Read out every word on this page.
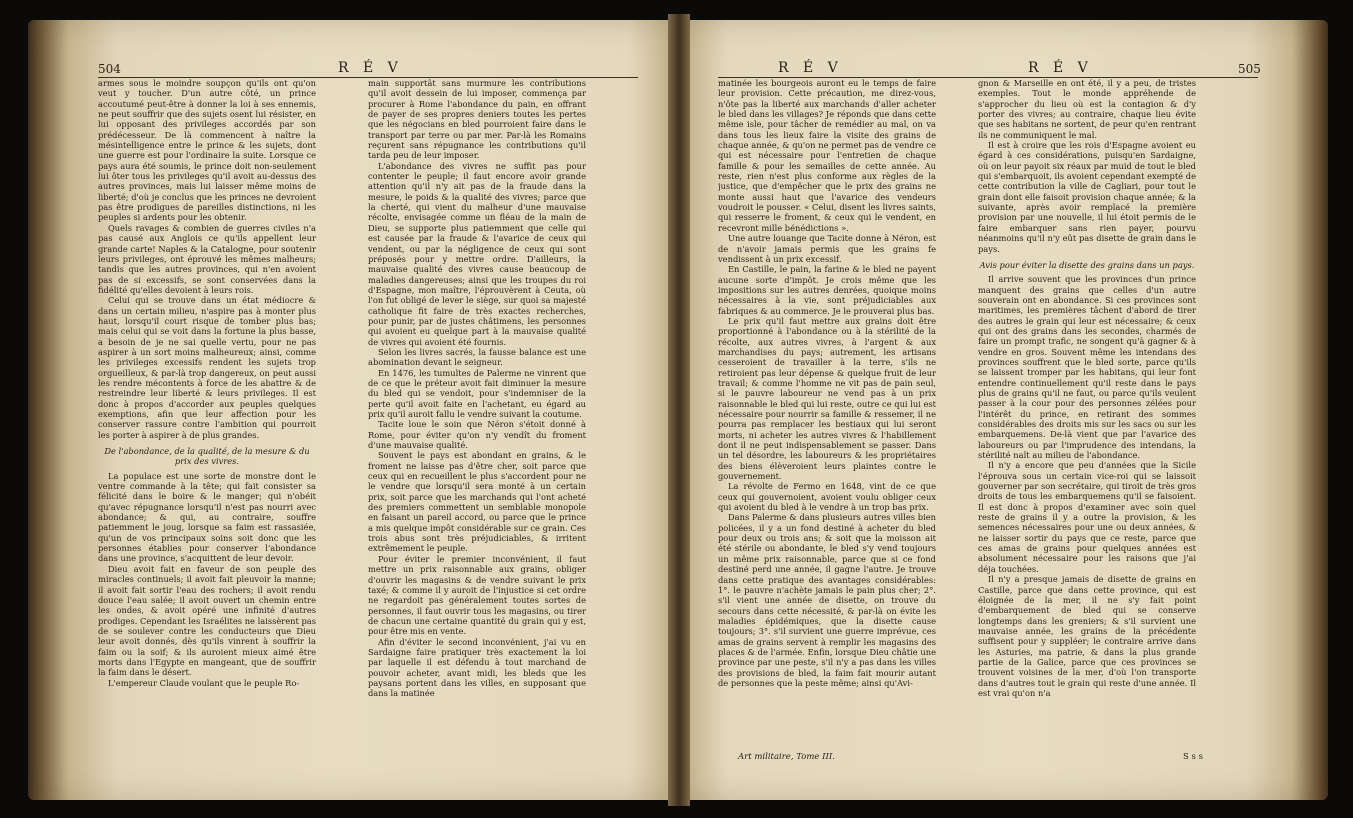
504	R É V

armes sous le moindre soupçon qu'ils ont qu'on veut y toucher. D'un autre côté, un prince accoutumé peut-être à donner la loi à ses ennemis, ne peut souffrir que des sujets osent lui résister, en lui opposant des privileges accordés par son prédécesseur. De là commencent à naître la mésintelligence entre le prince & les sujets, dont une guerre est pour l'ordinaire la suite. Lorsque ce pays aura été soumis, le prince doit non-seulement lui ôter tous les privileges qu'il avoit au-dessus des autres provinces, mais lui laisser même moins de liberté; d'où je conclus que les princes ne devroient pas être prodigues de pareilles distinctions, ni les peuples si ardents pour les obtenir.

Quels ravages & combien de guerres civiles n'a pas causé aux Anglois ce qu'ils appellent leur grande carte! Naples & la Catalogne, pour soutenir leurs privileges, ont éprouvé les mêmes malheurs; tandis que les autres provinces, qui n'en avoient pas de si excessifs, se sont conservées dans la fidélité qu'elles devoient à leurs rois.

Celui qui se trouve dans un état médiocre & dans un certain milieu, n'aspire pas à monter plus haut, lorsqu'il court risque de tomber plus bas; mais celui qui se voit dans la fortune la plus basse, a besoin de je ne sai quelle vertu, pour ne pas aspirer à un sort moins malheureux; ainsi, comme les privileges excessifs rendent les sujets trop orgueilleux, & par-là trop dangereux, on peut aussi les rendre mécontents à force de les abattre & de restreindre leur liberté & leurs privileges. Il est donc à propos d'accorder aux peuples quelques exemptions, afin que leur affection pour les conserver rassure contre l'ambition qui pourroit les porter à aspirer à de plus grandes.

De l'abondance, de la qualité, de la mesure & du prix des vivres.

La populace est une sorte de monstre dont le ventre commande à la tête; qui fait consister sa félicité dans le boire & le manger; qui n'obéit qu'avec répugnance lorsqu'il n'est pas nourri avec abondance; & qui, au contraire, souffre patiemment le joug, lorsque sa faim est rassasiée, qu'un de vos principaux soins soit donc que les personnes établies pour conserver l'abondance dans une province, s'acquittent de leur devoir.

Dieu avoit fait en faveur de son peuple des miracles continuels; il avoit fait pleuvoir la manne; il avoit fait sortir l'eau des rochers; il avoit rendu douce l'eau salée; il avoit ouvert un chemin entre les ondes, & avoit opéré une infinité d'autres prodiges. Cependant les Israélites ne laissèrent pas de se soulever contre les conducteurs que Dieu leur avoit donnés, dès qu'ils vinrent à souffrir la faim ou la soif; & ils auroient mieux aimé être morts dans l'Egypte en mangeant, que de souffrir la faim dans le désert.

L'empereur Claude voulant que le peuple Ro-

main supportât sans murmure les contributions qu'il avoit dessein de lui imposer, commença par procurer à Rome l'abondance du pain, en offrant de payer de ses propres deniers toutes les pertes que les négocians en bled pourroient faire dans le transport par terre ou par mer. Par-là les Romains reçurent sans répugnance les contributions qu'il tarda peu de leur imposer.

L'abondance des vivres ne suffit pas pour contenter le peuple; il faut encore avoir grande attention qu'il n'y ait pas de la fraude dans la mesure, le poids & la qualité des vivres; parce que la cherté, qui vient du malheur d'une mauvaise récolte, envisagée comme un fléau de la main de Dieu, se supporte plus patiemment que celle qui est causée par la fraude & l'avarice de ceux qui vendent, ou par la négligence de ceux qui sont préposés pour y mettre ordre. D'ailleurs, la mauvaise qualité des vivres cause beaucoup de maladies dangereuses; ainsi que les troupes du roi d'Espagne, mon maître, l'éprouvèrent à Ceuta, où l'on fut obligé de lever le siège, sur quoi sa majesté catholique fit faire de très exactes recherches, pour punir, par de justes châtimens, les personnes qui avoient eu quelque part à la mauvaise qualité de vivres qui avoient été fournis.

Selon les livres sacrés, la fausse balance est une abomination devant le seigneur.

En 1476, les tumultes de Palerme ne vinrent que de ce que le préteur avoit fait diminuer la mesure du bled qui se vendoit, pour s'indemniser de la perte qu'il avoit faite en l'achetant, eu égard au prix qu'il auroit fallu le vendre suivant la coutume.

Tacite loue le soin que Néron s'étoit donné à Rome, pour éviter qu'on n'y vendît du froment d'une mauvaise qualité.

Souvent le pays est abondant en grains, & le froment ne laisse pas d'être cher, soit parce que ceux qui en recueillent le plus s'accordent pour ne le vendre que lorsqu'il sera monté à un certain prix, soit parce que les marchands qui l'ont acheté des premiers commettent un semblable monopole en faisant un pareil accord, ou parce que le prince a mis quelque impôt considérable sur ce grain. Ces trois abus sont très préjudiciables, & irritent extrêmement le peuple.

Pour éviter le premier inconvénient, il faut mettre un prix raisonnable aux grains, obliger d'ouvrir les magasins & de vendre suivant le prix taxé; & comme il y auroit de l'injustice si cet ordre ne regardoit pas généralement toutes sortes de personnes, il faut ouvrir tous les magasins, ou tirer de chacun une certaine quantité du grain qui y est, pour être mis en vente.

Afin d'éviter le second inconvénient, j'ai vu en Sardaigne faire pratiquer très exactement la loi par laquelle il est défendu à tout marchand de pouvoir acheter, avant midi, les bleds que les paysans portent dans les villes, en supposant que dans la matinée

R É V	R É V	505

matinée les bourgeois auront eu le temps de faire leur provision. Cette précaution, me direz-vous, n'ôte pas la liberté aux marchands d'aller acheter le bled dans les villages? Je réponds que dans cette même isle, pour tâcher de remédier au mal, on va dans tous les lieux faire la visite des grains de chaque année, & qu'on ne permet pas de vendre ce qui est nécessaire pour l'entretien de chaque famille & pour les semailles de cette année. Au reste, rien n'est plus conforme aux règles de la justice, que d'empêcher que le prix des grains ne monte aussi haut que l'avarice des vendeurs voudroit le pousser. « Celui, disent les livres saints, qui resserre le froment, & ceux qui le vendent, en recevront mille bénédictions ».

Une autre louange que Tacite donne à Néron, est de n'avoir jamais permis que les grains fe vendissent à un prix excessif.

En Castille, le pain, la farine & le bled ne payent aucune sorte d'impôt. Je crois même que les impositions sur les autres denrées, quoique moins nécessaires à la vie, sont préjudiciables aux fabriques & au commerce. Je le prouverai plus bas.

Le prix qu'il faut mettre aux grains doit être proportionné à l'abondance ou à la stérilité de la récolte, aux autres vivres, à l'argent & aux marchandises du pays; autrement, les artisans cesseroient de travailler à la terre, s'ils ne retiroient pas leur dépense & quelque fruit de leur travail; & comme l'homme ne vit pas de pain seul, si le pauvre laboureur ne vend pas à un prix raisonnable le bled qui lui reste, outre ce qui lui est nécessaire pour nourrir sa famille & ressemer, il ne pourra pas remplacer les bestiaux qui lui seront morts, ni acheter les autres vivres & l'habillement dont il ne peut indispensablement se passer. Dans un tel désordre, les laboureurs & les propriétaires des biens élèveroient leurs plaintes contre le gouvernement.

La révolte de Fermo en 1648, vint de ce que ceux qui gouvernoient, avoient voulu obliger ceux qui avoient du bled à le vendre à un trop bas prix.

Dans Palerme & dans plusieurs autres villes bien policées, il y a un fond destiné à acheter du bled pour deux ou trois ans; & soit que la moisson ait été stérile ou abondante, le bled s'y vend toujours un même prix raisonnable, parce que si ce fond destiné perd une année, il gagne l'autre. Je trouve dans cette pratique des avantages considérables: 1°. le pauvre n'achète jamais le pain plus cher; 2°. s'il vient une année de disette, on trouve du secours dans cette nécessité, & par-là on évite les maladies épidémiques, que la disette cause toujours; 3°. s'il survient une guerre imprévue, ces amas de grains servent à remplir les magasins des places & de l'armée. Enfin, lorsque Dieu châtie une province par une peste, s'il n'y a pas dans les villes des provisions de bled, la faim fait mourir autant de personnes que la peste même; ainsi qu'Avi-

gnon & Marseille en ont été, il y a peu, de tristes exemples. Tout le monde appréhende de s'approcher du lieu où est la contagion & d'y porter des vivres; au contraire, chaque lieu évite que ses habitans ne sortent, de peur qu'en rentrant ils ne communiquent le mal.

Il est à croire que les rois d'Espagne avoient eu égard à ces considérations, puisqu'en Sardaigne, où on leur payoit six réaux par muid de tout le bled qui s'embarquoit, ils avoient cependant exempté de cette contribution la ville de Cagliari, pour tout le grain dont elle faisoit provision chaque année; & la suivante, après avoir remplacé la première provision par une nouvelle, il lui étoit permis de le faire embarquer sans rien payer, pourvu néanmoins qu'il n'y eût pas disette de grain dans le pays.

Avis pour éviter la disette des grains dans un pays.

Il arrive souvent que les provinces d'un prince manquent des grains que celles d'un autre souverain ont en abondance. Si ces provinces sont maritimes, les premières tâchent d'abord de tirer des autres le grain qui leur est nécessaire; & ceux qui ont des grains dans les secondes, charmés de faire un prompt trafic, ne songent qu'à gagner & à vendre en gros. Souvent même les intendans des provinces souffrent que le bled sorte, parce qu'ils se laissent tromper par les habitans, qui leur font entendre continuellement qu'il reste dans le pays plus de grains qu'il ne faut, ou parce qu'ils veulent passer à la cour pour des personnes zélées pour l'intérêt du prince, en retirant des sommes considérables des droits mis sur les sacs ou sur les embarquemens. De-là vient que par l'avarice des laboureurs ou par l'imprudence des intendans, la stérilité naît au milieu de l'abondance.

Il n'y a encore que peu d'années que la Sicile l'éprouva sous un certain vice-roi qui se laissoit gouverner par son secrétaire, qui tiroit de très gros droits de tous les embarquemens qu'il se faisoient. Il est donc à propos d'examiner avec soin quel reste de grains il y a outre la provision, & les semences nécessaires pour une ou deux années, & ne laisser sortir du pays que ce reste, parce que ces amas de grains pour quelques années est absolument nécessaire pour les raisons que j'ai déja touchées.

Il n'y a presque jamais de disette de grains en Castille, parce que dans cette province, qui est éloignée de la mer, il ne s'y fait point d'embarquement de bled qui se conserve longtemps dans les greniers; & s'il survient une mauvaise année, les grains de la précédente suffisent pour y suppléer; le contraire arrive dans les Asturies, ma patrie, & dans la plus grande partie de la Galice, parce que ces provinces se trouvent voisines de la mer, d'où l'on transporte dans d'autres tout le grain qui reste d'une année. Il est vrai qu'on n'a

Art militaire, Tome III.	S s s
